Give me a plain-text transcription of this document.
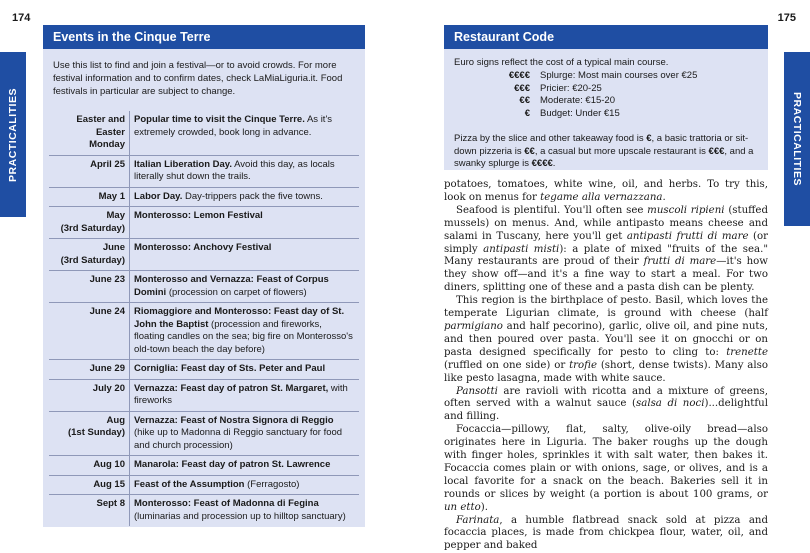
174	175
PRACTICALITIES	PRACTICALITIES
Events in the Cinque Terre
Use this list to find and join a festival—or to avoid crowds. For more festival information and to confirm dates, check LaMiaLiguria.it. Food festivals in particular are subject to change.
Easter and
Easter
Monday	Popular time to visit the Cinque Terre. As it's extremely crowded, book long in advance.
April 25	Italian Liberation Day. Avoid this day, as locals literally shut down the trails.
May 1	Labor Day. Day-trippers pack the five towns.
May
(3rd Saturday)	Monterosso: Lemon Festival
June
(3rd Saturday)	Monterosso: Anchovy Festival
June 23	Monterosso and Vernazza: Feast of Corpus Domini (procession on carpet of flowers)
June 24	Riomaggiore and Monterosso: Feast day of St. John the Baptist (procession and fireworks, floating candles on the sea; big fire on Monterosso's old-town beach the day before)
June 29	Corniglia: Feast day of Sts. Peter and Paul
July 20	Vernazza: Feast day of patron St. Margaret, with fireworks
Aug
(1st Sunday)	Vernazza: Feast of Nostra Signora di Reggio (hike up to Madonna di Reggio sanctuary for food and church procession)
Aug 10	Manarola: Feast day of patron St. Lawrence
Aug 15	Feast of the Assumption (Ferragosto)
Sept 8	Monterosso: Feast of Madonna di Fegina (luminarias and procession up to hilltop sanctuary)
Restaurant Code
Euro signs reflect the cost of a typical main course.
€€€€	Splurge: Most main courses over €25
€€€	Pricier: €20-25
€€	Moderate: €15-20
€	Budget: Under €15
Pizza by the slice and other takeaway food is €, a basic trattoria or sit-down pizzeria is €€, a casual but more upscale restaurant is €€€, and a swanky splurge is €€€€.

potatoes, tomatoes, white wine, oil, and herbs. To try this, look on menus for tegame alla vernazzana.

Seafood is plentiful. You'll often see muscoli ripieni (stuffed mussels) on menus. And, while antipasto means cheese and salami in Tuscany, here you'll get antipasti frutti di mare (or simply antipasti misti): a plate of mixed "fruits of the sea." Many restaurants are proud of their frutti di mare—it's how they show off—and it's a fine way to start a meal. For two diners, splitting one of these and a pasta dish can be plenty.

This region is the birthplace of pesto. Basil, which loves the temperate Ligurian climate, is ground with cheese (half parmigiano and half pecorino), garlic, olive oil, and pine nuts, and then poured over pasta. You'll see it on gnocchi or on pasta designed specifically for pesto to cling to: trenette (ruffled on one side) or trofie (short, dense twists). Many also like pesto lasagna, made with white sauce.

Pansotti are ravioli with ricotta and a mixture of greens, often served with a walnut sauce (salsa di noci)...delightful and filling.

Focaccia—pillowy, flat, salty, olive-oily bread—also originates here in Liguria. The baker roughs up the dough with finger holes, sprinkles it with salt water, then bakes it. Focaccia comes plain or with onions, sage, or olives, and is a local favorite for a snack on the beach. Bakeries sell it in rounds or slices by weight (a portion is about 100 grams, or un etto).

Farinata, a humble flatbread snack sold at pizza and focaccia places, is made from chickpea flour, water, oil, and pepper and baked
